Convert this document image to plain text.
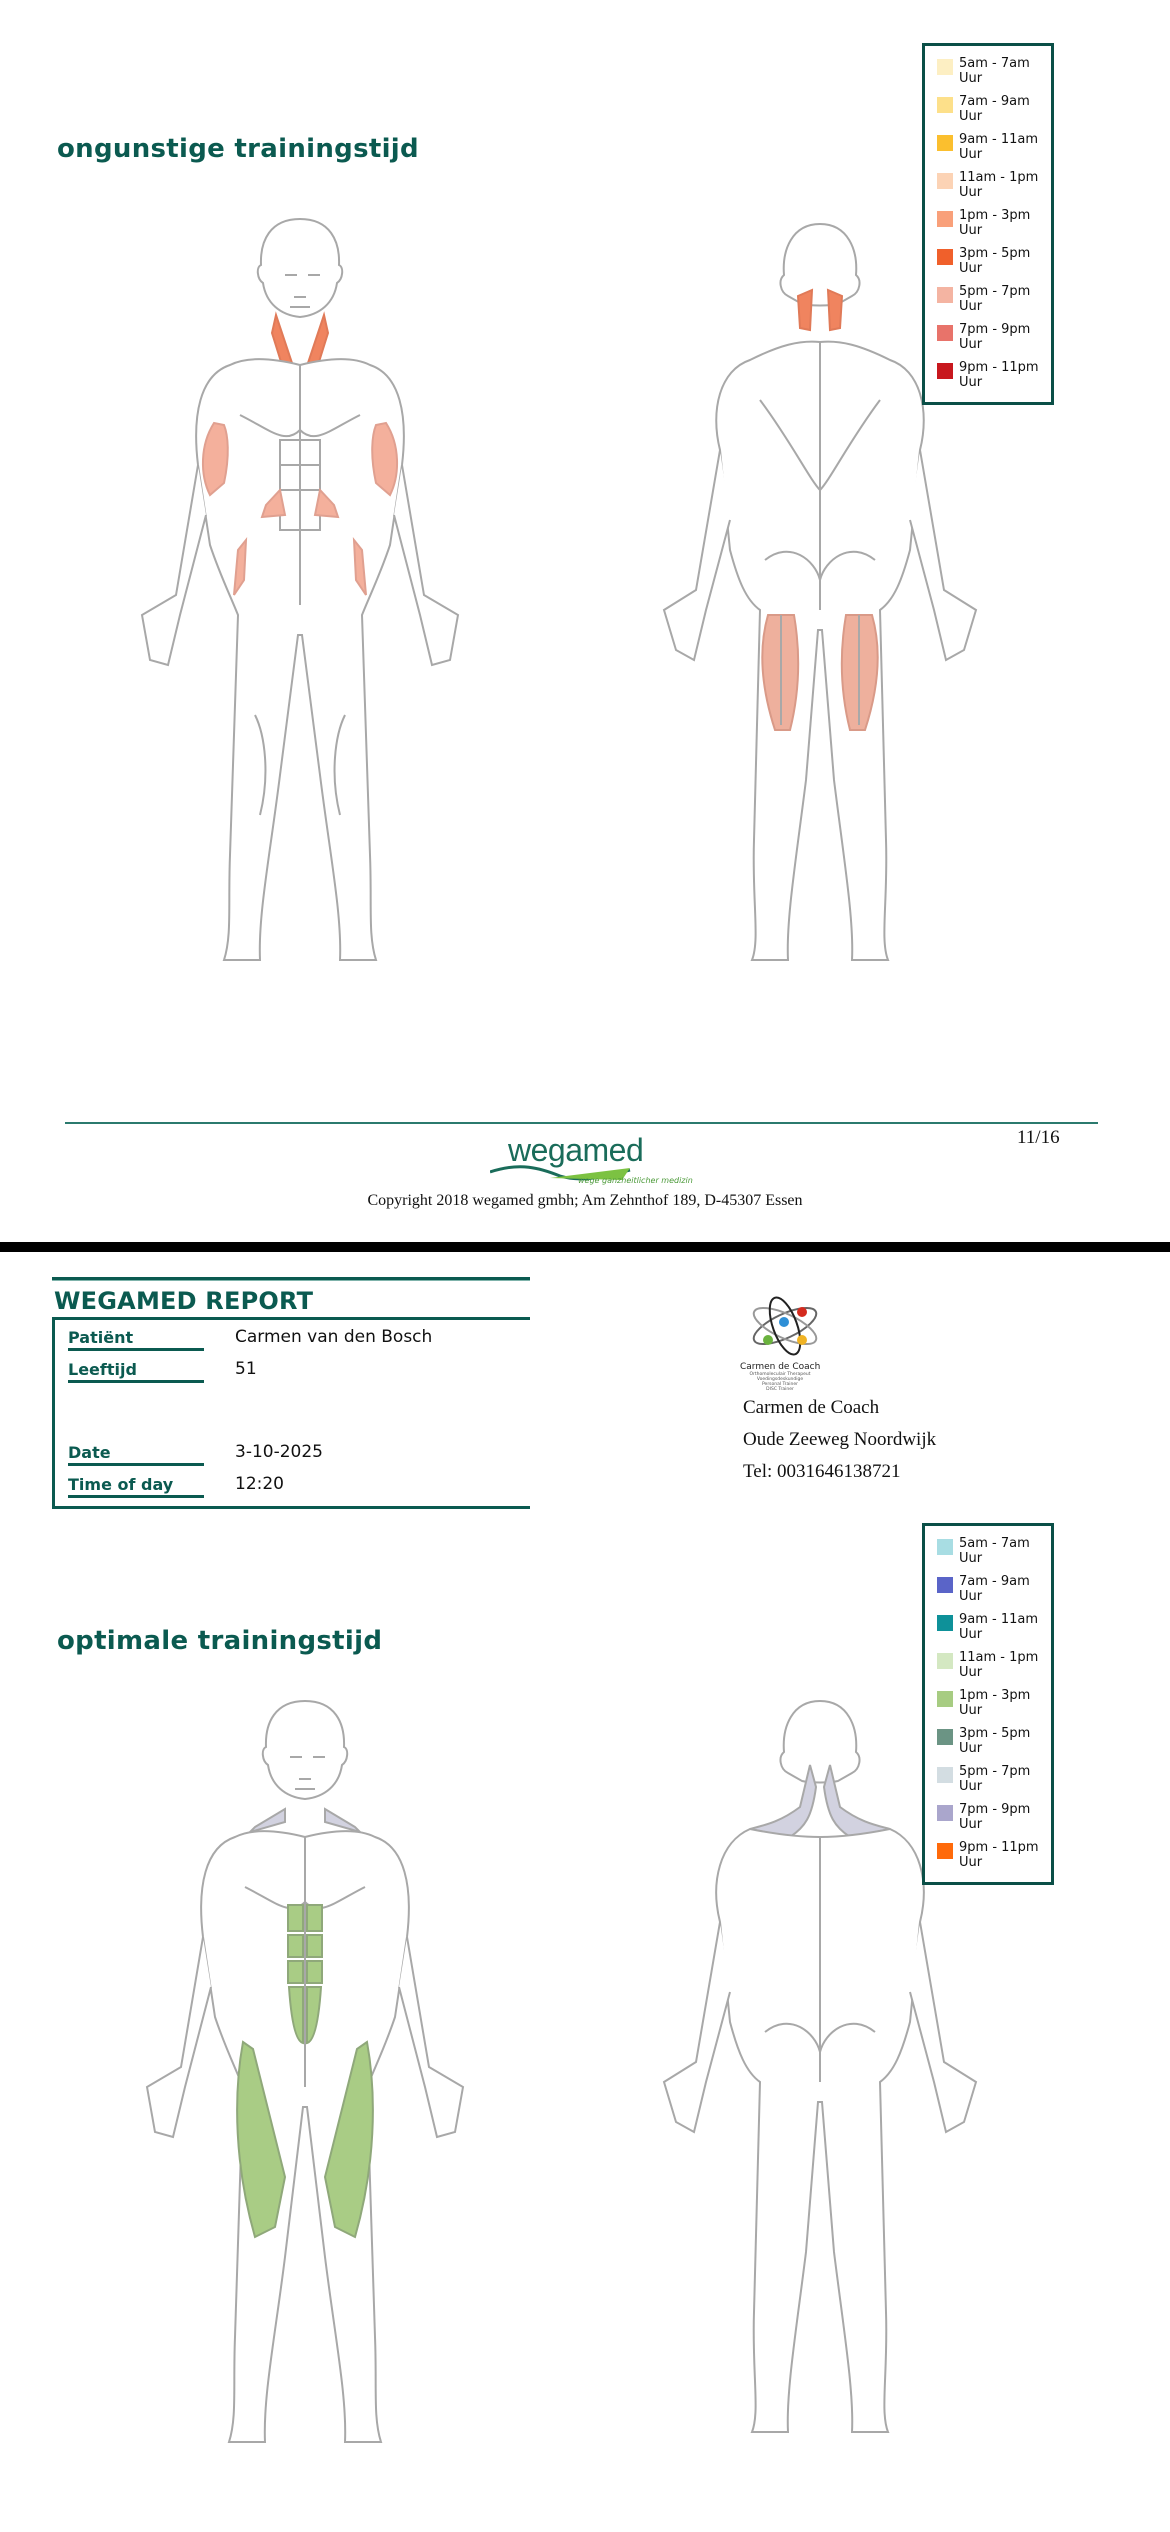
ongunstige trainingstijd
5am - 7am
Uur
7am - 9am
Uur
9am - 11am
Uur
11am - 1pm
Uur
1pm - 3pm
Uur
3pm - 5pm
Uur
5pm - 7pm
Uur
7pm - 9pm
Uur
9pm - 11pm
Uur
11/16
wegamed
wege ganzheitlicher medizin
Copyright 2018 wegamed gmbh; Am Zehnthof 189, D-45307 Essen
WEGAMED REPORT
Patiënt	Carmen van den Bosch
Leeftijd	51
Date	3-10-2025
Time of day	12:20
Carmen de Coach
Orthomoleculair Therapeut
Voedingsdeskundige
Personal Trainer
DISC Trainer
Carmen de Coach
Oude Zeeweg Noordwijk
Tel: 0031646138721
optimale trainingstijd
5am - 7am
Uur
7am - 9am
Uur
9am - 11am
Uur
11am - 1pm
Uur
1pm - 3pm
Uur
3pm - 5pm
Uur
5pm - 7pm
Uur
7pm - 9pm
Uur
9pm - 11pm
Uur
